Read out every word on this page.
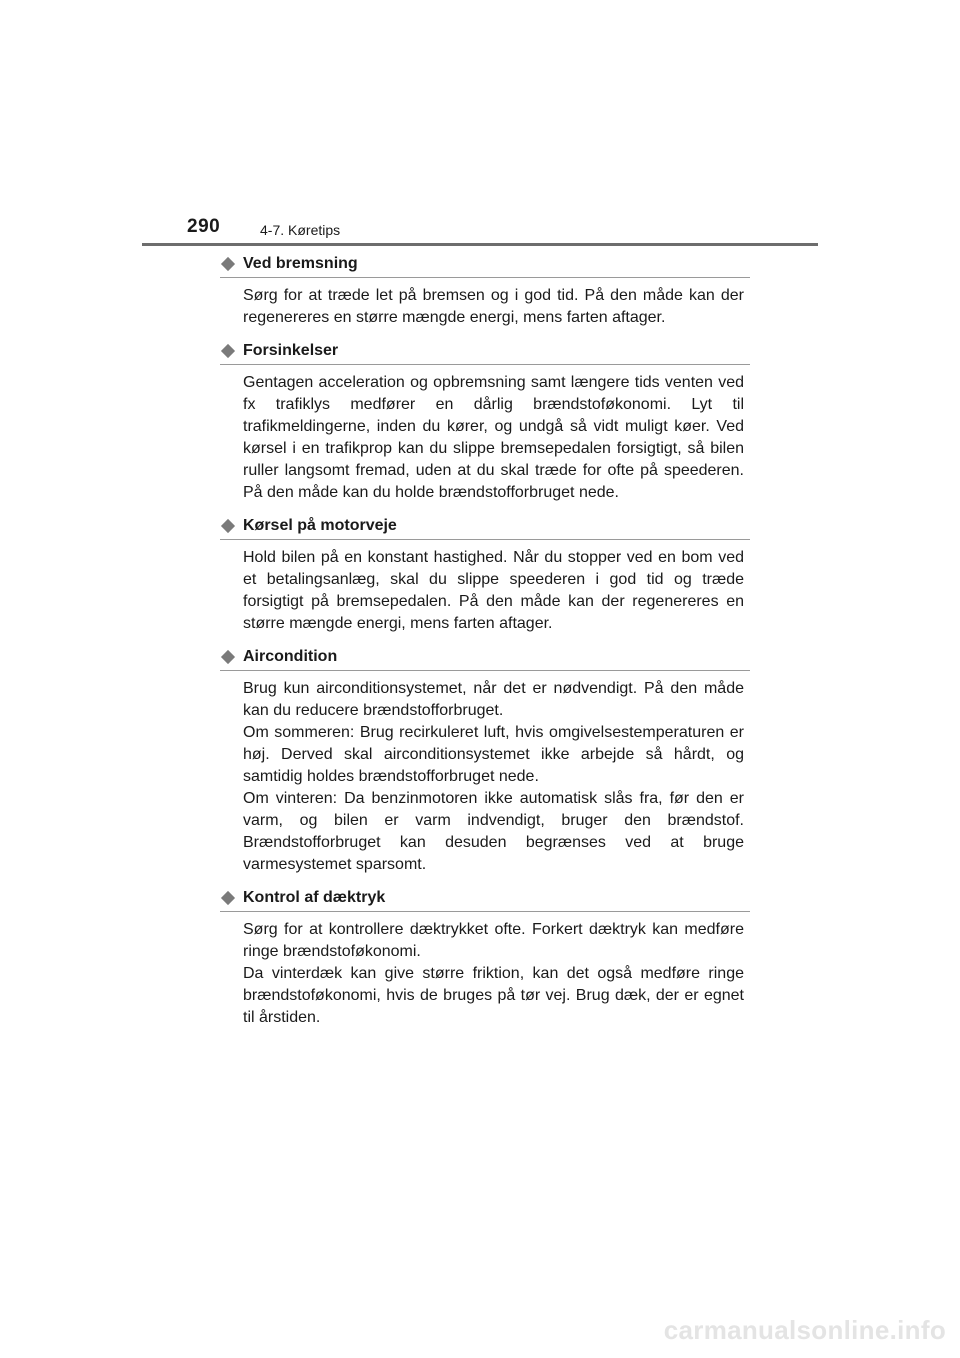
290	4-7. Køretips
Ved bremsning

Sørg for at træde let på bremsen og i god tid. På den måde kan der regenereres en større mængde energi, mens farten aftager.

Forsinkelser

Gentagen acceleration og opbremsning samt længere tids venten ved fx trafiklys medfører en dårlig brændstoføkonomi. Lyt til trafikmeldingerne, inden du kører, og undgå så vidt muligt køer. Ved kørsel i en trafikprop kan du slippe bremsepedalen forsigtigt, så bilen ruller langsomt fremad, uden at du skal træde for ofte på speederen. På den måde kan du holde brændstofforbruget nede.

Kørsel på motorveje

Hold bilen på en konstant hastighed. Når du stopper ved en bom ved et betalingsanlæg, skal du slippe speederen i god tid og træde forsigtigt på bremsepedalen. På den måde kan der regenereres en større mængde energi, mens farten aftager.

Aircondition

Brug kun airconditionsystemet, når det er nødvendigt. På den måde kan du reducere brændstofforbruget.

Om sommeren: Brug recirkuleret luft, hvis omgivelsestemperaturen er høj. Derved skal airconditionsystemet ikke arbejde så hårdt, og samtidig holdes brændstofforbruget nede.

Om vinteren: Da benzinmotoren ikke automatisk slås fra, før den er varm, og bilen er varm indvendigt, bruger den brændstof. Brændstofforbruget kan desuden begrænses ved at bruge varmesystemet sparsomt.

Kontrol af dæktryk

Sørg for at kontrollere dæktrykket ofte. Forkert dæktryk kan medføre ringe brændstoføkonomi.

Da vinterdæk kan give større friktion, kan det også medføre ringe brændstoføkonomi, hvis de bruges på tør vej. Brug dæk, der er egnet til årstiden.

carmanualsonline.info
